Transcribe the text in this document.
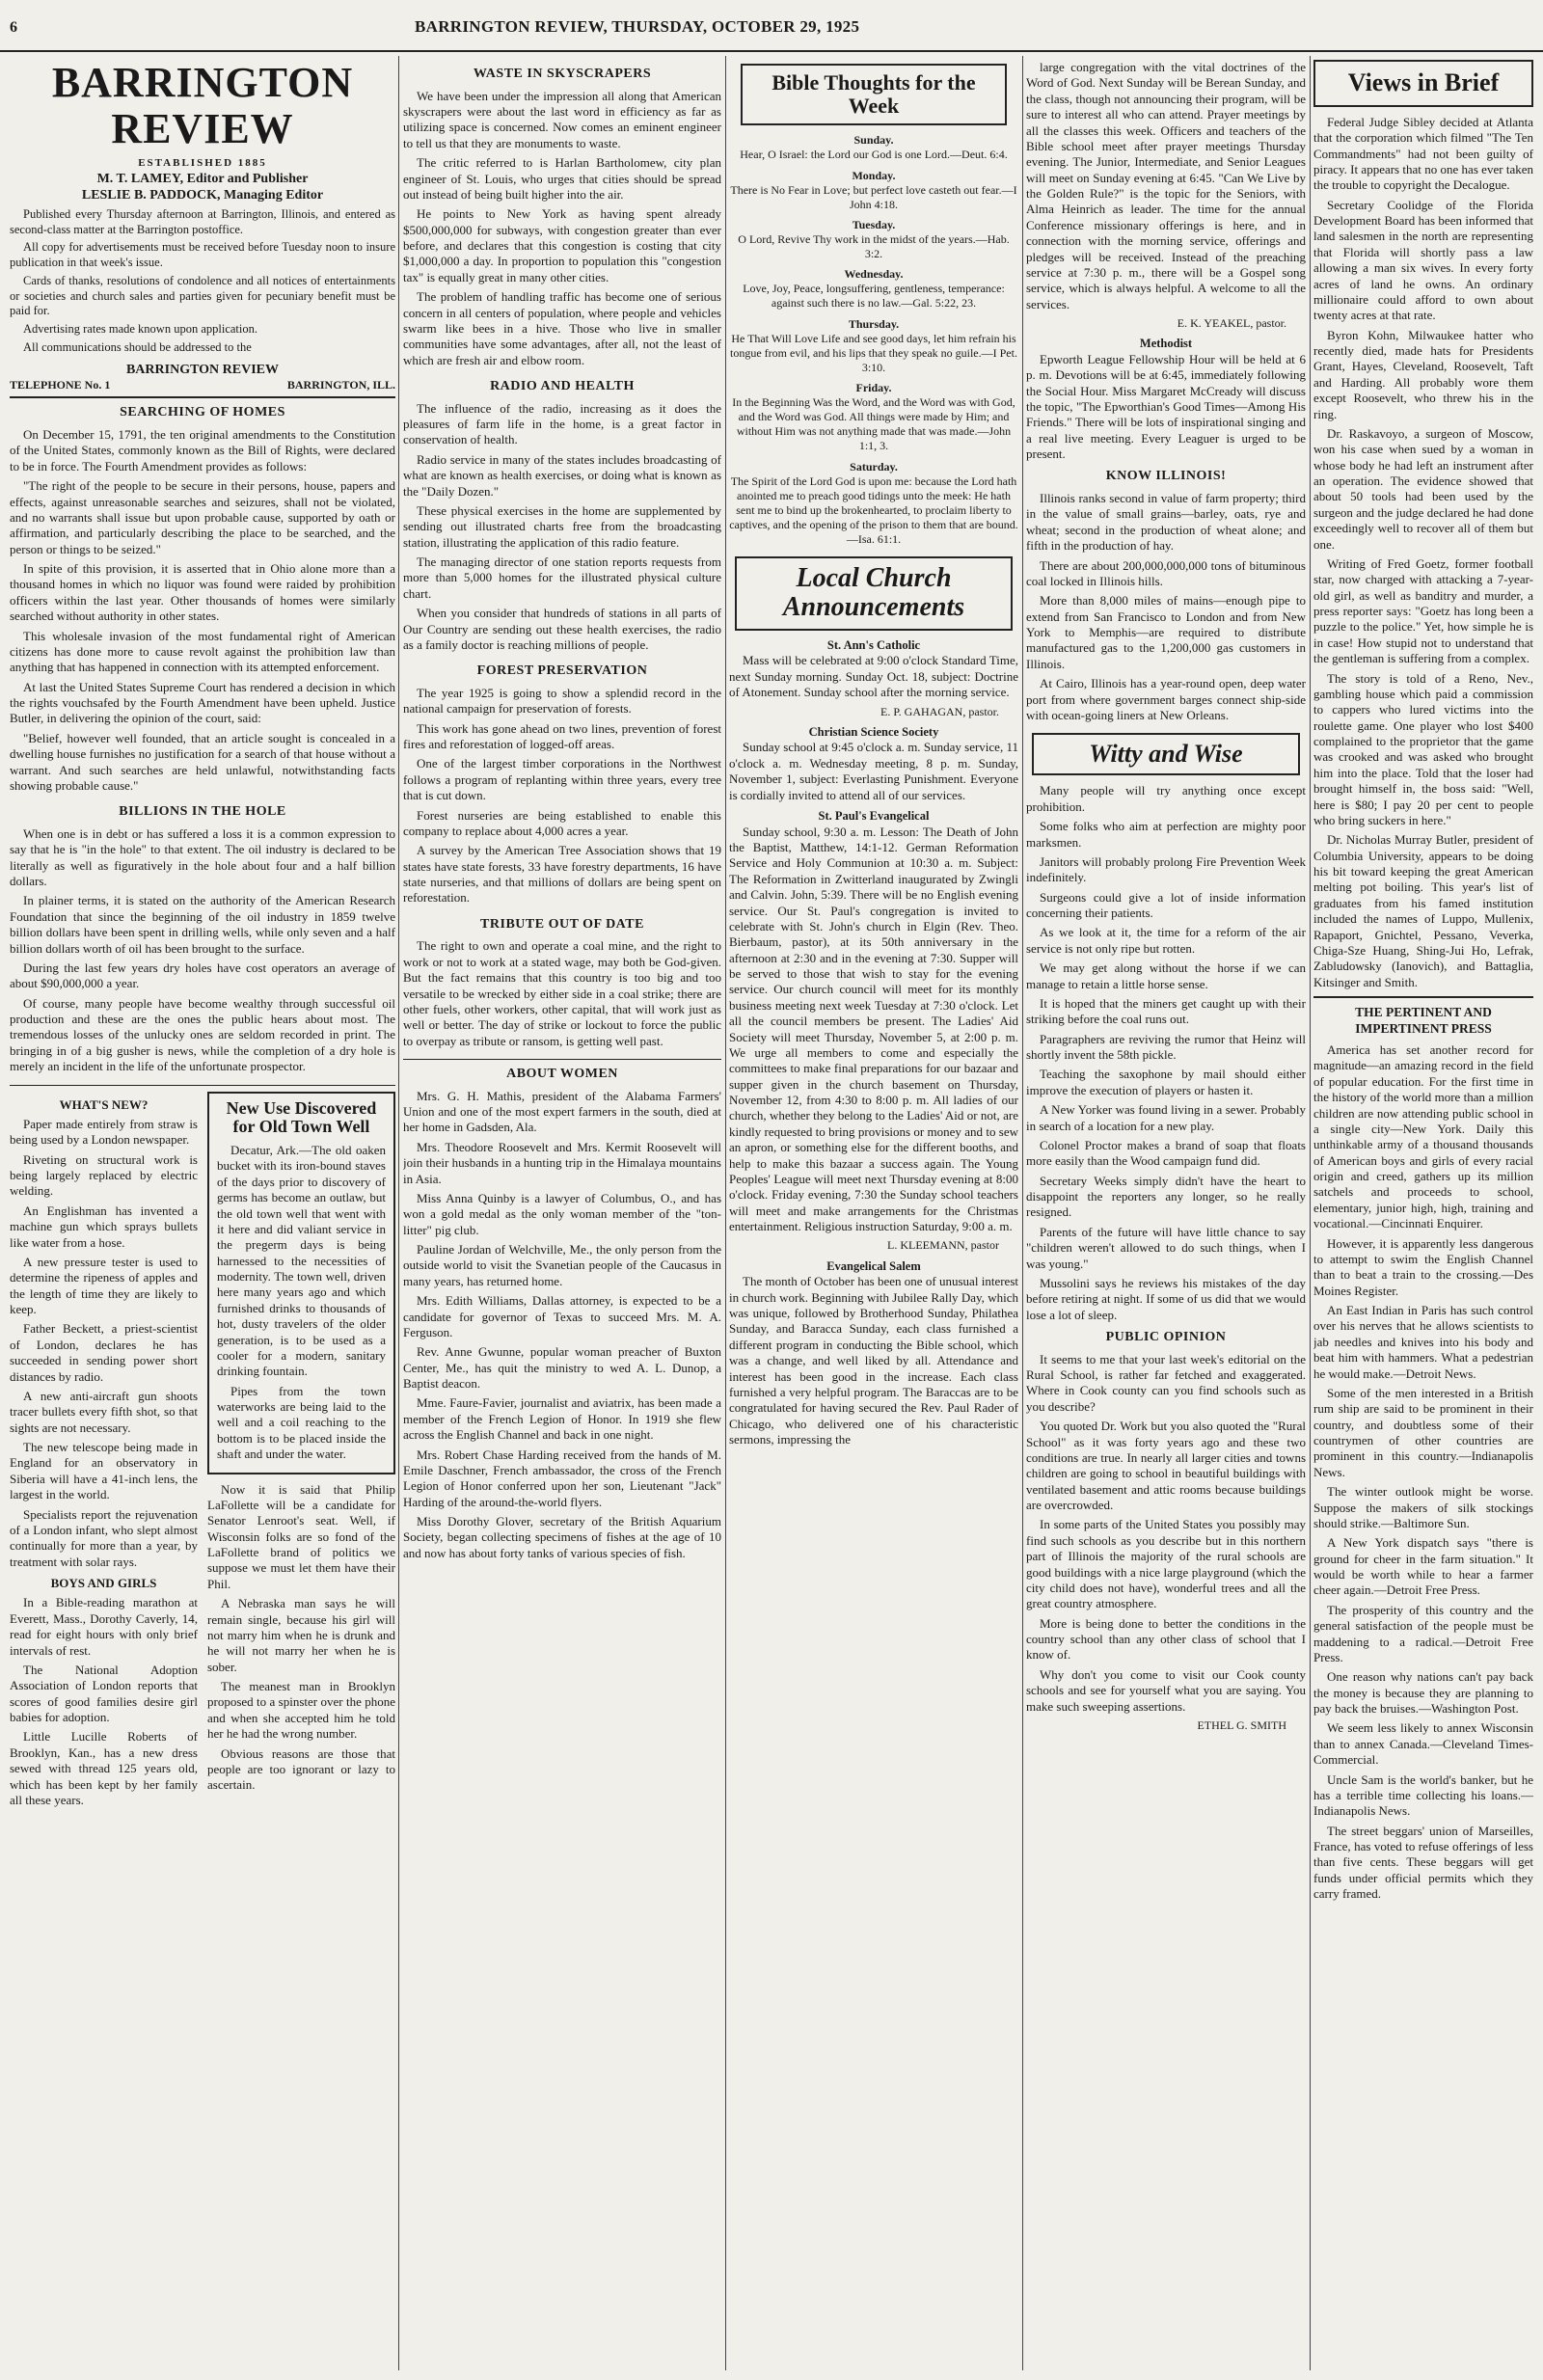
6	BARRINGTON REVIEW, THURSDAY, OCTOBER 29, 1925
BARRINGTON REVIEW
ESTABLISHED 1885
M. T. LAMEY, Editor and Publisher
LESLIE B. PADDOCK, Managing Editor

Published every Thursday afternoon at Barrington, Illinois, and entered as second-class matter at the Barrington postoffice.

All copy for advertisements must be received before Tuesday noon to insure publication in that week's issue.

Cards of thanks, resolutions of condolence and all notices of entertainments or societies and church sales and parties given for pecuniary benefit must be paid for.

Advertising rates made known upon application.

All communications should be addressed to the

BARRINGTON REVIEW
TELEPHONE No. 1	BARRINGTON, ILL.
SEARCHING OF HOMES

On December 15, 1791, the ten original amendments to the Constitution of the United States, commonly known as the Bill of Rights, were declared to be in force. The Fourth Amendment provides as follows:

"The right of the people to be secure in their persons, house, papers and effects, against unreasonable searches and seizures, shall not be violated, and no warrants shall issue but upon probable cause, supported by oath or affirmation, and particularly describing the place to be searched, and the person or things to be seized."

In spite of this provision, it is asserted that in Ohio alone more than a thousand homes in which no liquor was found were raided by prohibition officers within the last year. Other thousands of homes were similarly searched without authority in other states.

This wholesale invasion of the most fundamental right of American citizens has done more to cause revolt against the prohibition law than anything that has happened in connection with its attempted enforcement.

At last the United States Supreme Court has rendered a decision in which the rights vouchsafed by the Fourth Amendment have been upheld. Justice Butler, in delivering the opinion of the court, said:

"Belief, however well founded, that an article sought is concealed in a dwelling house furnishes no justification for a search of that house without a warrant. And such searches are held unlawful, notwithstanding facts showing probable cause."

BILLIONS IN THE HOLE

When one is in debt or has suffered a loss it is a common expression to say that he is "in the hole" to that extent. The oil industry is declared to be literally as well as figuratively in the hole about four and a half billion dollars.

In plainer terms, it is stated on the authority of the American Research Foundation that since the beginning of the oil industry in 1859 twelve billion dollars have been spent in drilling wells, while only seven and a half billion dollars worth of oil has been brought to the surface.

During the last few years dry holes have cost operators an average of about $90,000,000 a year.

Of course, many people have become wealthy through successful oil production and these are the ones the public hears about most. The tremendous losses of the unlucky ones are seldom recorded in print. The bringing in of a big gusher is news, while the completion of a dry hole is merely an incident in the life of the unfortunate prospector.

WHAT'S NEW?

Paper made entirely from straw is being used by a London newspaper.

Riveting on structural work is being largely replaced by electric welding.

An Englishman has invented a machine gun which sprays bullets like water from a hose.

A new pressure tester is used to determine the ripeness of apples and the length of time they are likely to keep.

Father Beckett, a priest-scientist of London, declares he has succeeded in sending power short distances by radio.

A new anti-aircraft gun shoots tracer bullets every fifth shot, so that sights are not necessary.

The new telescope being made in England for an observatory in Siberia will have a 41-inch lens, the largest in the world.

Specialists report the rejuvenation of a London infant, who slept almost continually for more than a year, by treatment with solar rays.

BOYS AND GIRLS

In a Bible-reading marathon at Everett, Mass., Dorothy Caverly, 14, read for eight hours with only brief intervals of rest.

The National Adoption Association of London reports that scores of good families desire girl babies for adoption.

Little Lucille Roberts of Brooklyn, Kan., has a new dress sewed with thread 125 years old, which has been kept by her family all these years.

New Use Discovered for Old Town Well

Decatur, Ark.—The old oaken bucket with its iron-bound staves of the days prior to discovery of germs has become an outlaw, but the old town well that went with it here and did valiant service in the pregerm days is being harnessed to the necessities of modernity. The town well, driven here many years ago and which furnished drinks to thousands of hot, dusty travelers of the older generation, is to be used as a cooler for a modern, sanitary drinking fountain.

Pipes from the town waterworks are being laid to the well and a coil reaching to the bottom is to be placed inside the shaft and under the water.

Now it is said that Philip LaFollette will be a candidate for Senator Lenroot's seat. Well, if Wisconsin folks are so fond of the LaFollette brand of politics we suppose we must let them have their Phil.

A Nebraska man says he will remain single, because his girl will not marry him when he is drunk and he will not marry her when he is sober.

The meanest man in Brooklyn proposed to a spinster over the phone and when she accepted him he told her he had the wrong number.

Obvious reasons are those that people are too ignorant or lazy to ascertain.

WASTE IN SKYSCRAPERS

We have been under the impression all along that American skyscrapers were about the last word in efficiency as far as utilizing space is concerned. Now comes an eminent engineer to tell us that they are monuments to waste.

The critic referred to is Harlan Bartholomew, city plan engineer of St. Louis, who urges that cities should be spread out instead of being built higher into the air.

He points to New York as having spent already $500,000,000 for subways, with congestion greater than ever before, and declares that this congestion is costing that city $1,000,000 a day. In proportion to population this "congestion tax" is equally great in many other cities.

The problem of handling traffic has become one of serious concern in all centers of population, where people and vehicles swarm like bees in a hive. Those who live in smaller communities have some advantages, after all, not the least of which are fresh air and elbow room.

RADIO AND HEALTH

The influence of the radio, increasing as it does the pleasures of farm life in the home, is a great factor in conservation of health.

Radio service in many of the states includes broadcasting of what are known as health exercises, or doing what is known as the "Daily Dozen."

These physical exercises in the home are supplemented by sending out illustrated charts free from the broadcasting station, illustrating the application of this radio feature.

The managing director of one station reports requests from more than 5,000 homes for the illustrated physical culture chart.

When you consider that hundreds of stations in all parts of Our Country are sending out these health exercises, the radio as a family doctor is reaching millions of people.

FOREST PRESERVATION

The year 1925 is going to show a splendid record in the national campaign for preservation of forests.

This work has gone ahead on two lines, prevention of forest fires and reforestation of logged-off areas.

One of the largest timber corporations in the Northwest follows a program of replanting within three years, every tree that is cut down.

Forest nurseries are being established to enable this company to replace about 4,000 acres a year.

A survey by the American Tree Association shows that 19 states have state forests, 33 have forestry departments, 16 have state nurseries, and that millions of dollars are being spent on reforestation.

TRIBUTE OUT OF DATE

The right to own and operate a coal mine, and the right to work or not to work at a stated wage, may both be God-given. But the fact remains that this country is too big and too versatile to be wrecked by either side in a coal strike; there are other fuels, other workers, other capital, that will work just as well or better. The day of strike or lockout to force the public to overpay as tribute or ransom, is getting well past.

ABOUT WOMEN

Mrs. G. H. Mathis, president of the Alabama Farmers' Union and one of the most expert farmers in the south, died at her home in Gadsden, Ala.

Mrs. Theodore Roosevelt and Mrs. Kermit Roosevelt will join their husbands in a hunting trip in the Himalaya mountains in Asia.

Miss Anna Quinby is a lawyer of Columbus, O., and has won a gold medal as the only woman member of the "ton-litter" pig club.

Pauline Jordan of Welchville, Me., the only person from the outside world to visit the Svanetian people of the Caucasus in many years, has returned home.

Mrs. Edith Williams, Dallas attorney, is expected to be a candidate for governor of Texas to succeed Mrs. M. A. Ferguson.

Rev. Anne Gwunne, popular woman preacher of Buxton Center, Me., has quit the ministry to wed A. L. Dunop, a Baptist deacon.

Mme. Faure-Favier, journalist and aviatrix, has been made a member of the French Legion of Honor. In 1919 she flew across the English Channel and back in one night.

Mrs. Robert Chase Harding received from the hands of M. Emile Daschner, French ambassador, the cross of the French Legion of Honor conferred upon her son, Lieutenant "Jack" Harding of the around-the-world flyers.

Miss Dorothy Glover, secretary of the British Aquarium Society, began collecting specimens of fishes at the age of 10 and now has about forty tanks of various species of fish.

Bible Thoughts for the Week
Sunday.

Hear, O Israel: the Lord our God is one Lord.—Deut. 6:4.

Monday.

There is No Fear in Love; but perfect love casteth out fear.—I John 4:18.

Tuesday.

O Lord, Revive Thy work in the midst of the years.—Hab. 3:2.

Wednesday.

Love, Joy, Peace, longsuffering, gentleness, temperance: against such there is no law.—Gal. 5:22, 23.

Thursday.

He That Will Love Life and see good days, let him refrain his tongue from evil, and his lips that they speak no guile.—I Pet. 3:10.

Friday.

In the Beginning Was the Word, and the Word was with God, and the Word was God. All things were made by Him; and without Him was not anything made that was made.—John 1:1, 3.

Saturday.

The Spirit of the Lord God is upon me: because the Lord hath anointed me to preach good tidings unto the meek: He hath sent me to bind up the brokenhearted, to proclaim liberty to captives, and the opening of the prison to them that are bound.—Isa. 61:1.

Local Church Announcements
St. Ann's Catholic

Mass will be celebrated at 9:00 o'clock Standard Time, next Sunday morning. Sunday Oct. 18, subject: Doctrine of Atonement. Sunday school after the morning service.

E. P. GAHAGAN, pastor.
Christian Science Society

Sunday school at 9:45 o'clock a. m. Sunday service, 11 o'clock a. m. Wednesday meeting, 8 p. m. Sunday, November 1, subject: Everlasting Punishment. Everyone is cordially invited to attend all of our services.

St. Paul's Evangelical

Sunday school, 9:30 a. m. Lesson: The Death of John the Baptist, Matthew, 14:1-12. German Reformation Service and Holy Communion at 10:30 a. m. Subject: The Reformation in Zwitterland inaugurated by Zwingli and Calvin. John, 5:39. There will be no English evening service. Our St. Paul's congregation is invited to celebrate with St. John's church in Elgin (Rev. Theo. Bierbaum, pastor), at its 50th anniversary in the afternoon at 2:30 and in the evening at 7:30. Supper will be served to those that wish to stay for the evening service. Our church council will meet for its monthly business meeting next week Tuesday at 7:30 o'clock. Let all the council members be present. The Ladies' Aid Society will meet Thursday, November 5, at 2:00 p. m. We urge all members to come and especially the committees to make final preparations for our bazaar and supper given in the church basement on Thursday, November 12, from 4:30 to 8:00 p. m. All ladies of our church, whether they belong to the Ladies' Aid or not, are kindly requested to bring provisions or money and to sew an apron, or something else for the different booths, and help to make this bazaar a success again. The Young Peoples' League will meet next Thursday evening at 8:00 o'clock. Friday evening, 7:30 the Sunday school teachers will meet and make arrangements for the Christmas entertainment. Religious instruction Saturday, 9:00 a. m.

L. KLEEMANN, pastor
Evangelical Salem

The month of October has been one of unusual interest in church work. Beginning with Jubilee Rally Day, which was unique, followed by Brotherhood Sunday, Philathea Sunday, and Baracca Sunday, each class furnished a different program in conducting the Bible school, which was a change, and well liked by all. Attendance and interest has been good in the increase. Each class furnished a very helpful program. The Baraccas are to be congratulated for having secured the Rev. Paul Rader of Chicago, who delivered one of his characteristic sermons, impressing the

large congregation with the vital doctrines of the Word of God. Next Sunday will be Berean Sunday, and the class, though not announcing their program, will be sure to interest all who can attend. Prayer meetings by all the classes this week. Officers and teachers of the Bible school meet after prayer meetings Thursday evening. The Junior, Intermediate, and Senior Leagues will meet on Sunday evening at 6:45. "Can We Live by the Golden Rule?" is the topic for the Seniors, with Alma Heinrich as leader. The time for the annual Conference missionary offerings is here, and in connection with the morning service, offerings and pledges will be received. Instead of the preaching service at 7:30 p. m., there will be a Gospel song service, which is always helpful. A welcome to all the services.

E. K. YEAKEL, pastor.
Methodist

Epworth League Fellowship Hour will be held at 6 p. m. Devotions will be at 6:45, immediately following the Social Hour. Miss Margaret McCready will discuss the topic, "The Epworthian's Good Times—Among His Friends." There will be lots of inspirational singing and a real live meeting. Every Leaguer is urged to be present.

KNOW ILLINOIS!

Illinois ranks second in value of farm property; third in the value of small grains—barley, oats, rye and wheat; second in the production of wheat alone; and fifth in the production of hay.

There are about 200,000,000,000 tons of bituminous coal locked in Illinois hills.

More than 8,000 miles of mains—enough pipe to extend from San Francisco to London and from New York to Memphis—are required to distribute manufactured gas to the 1,200,000 gas customers in Illinois.

At Cairo, Illinois has a year-round open, deep water port from where government barges connect ship-side with ocean-going liners at New Orleans.

Witty and Wise

Many people will try anything once except prohibition.

Some folks who aim at perfection are mighty poor marksmen.

Janitors will probably prolong Fire Prevention Week indefinitely.

Surgeons could give a lot of inside information concerning their patients.

As we look at it, the time for a reform of the air service is not only ripe but rotten.

We may get along without the horse if we can manage to retain a little horse sense.

It is hoped that the miners get caught up with their striking before the coal runs out.

Paragraphers are reviving the rumor that Heinz will shortly invent the 58th pickle.

Teaching the saxophone by mail should either improve the execution of players or hasten it.

A New Yorker was found living in a sewer. Probably in search of a location for a new play.

Colonel Proctor makes a brand of soap that floats more easily than the Wood campaign fund did.

Secretary Weeks simply didn't have the heart to disappoint the reporters any longer, so he really resigned.

Parents of the future will have little chance to say "children weren't allowed to do such things, when I was young."

Mussolini says he reviews his mistakes of the day before retiring at night. If some of us did that we would lose a lot of sleep.

PUBLIC OPINION

It seems to me that your last week's editorial on the Rural School, is rather far fetched and exaggerated. Where in Cook county can you find schools such as you describe?

You quoted Dr. Work but you also quoted the "Rural School" as it was forty years ago and these two conditions are true. In nearly all larger cities and towns children are going to school in beautiful buildings with ventilated basement and attic rooms because buildings are overcrowded.

In some parts of the United States you possibly may find such schools as you describe but in this northern part of Illinois the majority of the rural schools are good buildings with a nice large playground (which the city child does not have), wonderful trees and all the great country atmosphere.

More is being done to better the conditions in the country school than any other class of school that I know of.

Why don't you come to visit our Cook county schools and see for yourself what you are saying. You make such sweeping assertions.

ETHEL G. SMITH
Views in Brief

Federal Judge Sibley decided at Atlanta that the corporation which filmed "The Ten Commandments" had not been guilty of piracy. It appears that no one has ever taken the trouble to copyright the Decalogue.

Secretary Coolidge of the Florida Development Board has been informed that land salesmen in the north are representing that Florida will shortly pass a law allowing a man six wives. In every forty acres of land he owns. An ordinary millionaire could afford to own about twenty acres at that rate.

Byron Kohn, Milwaukee hatter who recently died, made hats for Presidents Grant, Hayes, Cleveland, Roosevelt, Taft and Harding. All probably wore them except Roosevelt, who threw his in the ring.

Dr. Raskavoyo, a surgeon of Moscow, won his case when sued by a woman in whose body he had left an instrument after an operation. The evidence showed that about 50 tools had been used by the surgeon and the judge declared he had done exceedingly well to recover all of them but one.

Writing of Fred Goetz, former football star, now charged with attacking a 7-year-old girl, as well as banditry and murder, a press reporter says: "Goetz has long been a puzzle to the police." Yet, how simple he is in case! How stupid not to understand that the gentleman is suffering from a complex.

The story is told of a Reno, Nev., gambling house which paid a commission to cappers who lured victims into the roulette game. One player who lost $400 complained to the proprietor that the game was crooked and was asked who brought him into the place. Told that the loser had brought himself in, the boss said: "Well, here is $80; I pay 20 per cent to people who bring suckers in here."

Dr. Nicholas Murray Butler, president of Columbia University, appears to be doing his bit toward keeping the great American melting pot boiling. This year's list of graduates from his famed institution included the names of Luppo, Mullenix, Rapaport, Gnichtel, Pessano, Veverka, Chiga-Sze Huang, Shing-Jui Ho, Lefrak, Zabludowsky (Ianovich), and Battaglia, Kitsinger and Smith.

THE PERTINENT AND IMPERTINENT PRESS

America has set another record for magnitude—an amazing record in the field of popular education. For the first time in the history of the world more than a million children are now attending public school in a single city—New York. Daily this unthinkable army of a thousand thousands of American boys and girls of every racial origin and creed, gathers up its million satchels and proceeds to school, elementary, junior high, high, training and vocational.—Cincinnati Enquirer.

However, it is apparently less dangerous to attempt to swim the English Channel than to beat a train to the crossing.—Des Moines Register.

An East Indian in Paris has such control over his nerves that he allows scientists to jab needles and knives into his body and beat him with hammers. What a pedestrian he would make.—Detroit News.

Some of the men interested in a British rum ship are said to be prominent in their country, and doubtless some of their countrymen of other countries are prominent in this country.—Indianapolis News.

The winter outlook might be worse. Suppose the makers of silk stockings should strike.—Baltimore Sun.

A New York dispatch says "there is ground for cheer in the farm situation." It would be worth while to hear a farmer cheer again.—Detroit Free Press.

The prosperity of this country and the general satisfaction of the people must be maddening to a radical.—Detroit Free Press.

One reason why nations can't pay back the money is because they are planning to pay back the bruises.—Washington Post.

We seem less likely to annex Wisconsin than to annex Canada.—Cleveland Times-Commercial.

Uncle Sam is the world's banker, but he has a terrible time collecting his loans.—Indianapolis News.

The street beggars' union of Marseilles, France, has voted to refuse offerings of less than five cents. These beggars will get funds under official permits which they carry framed.
